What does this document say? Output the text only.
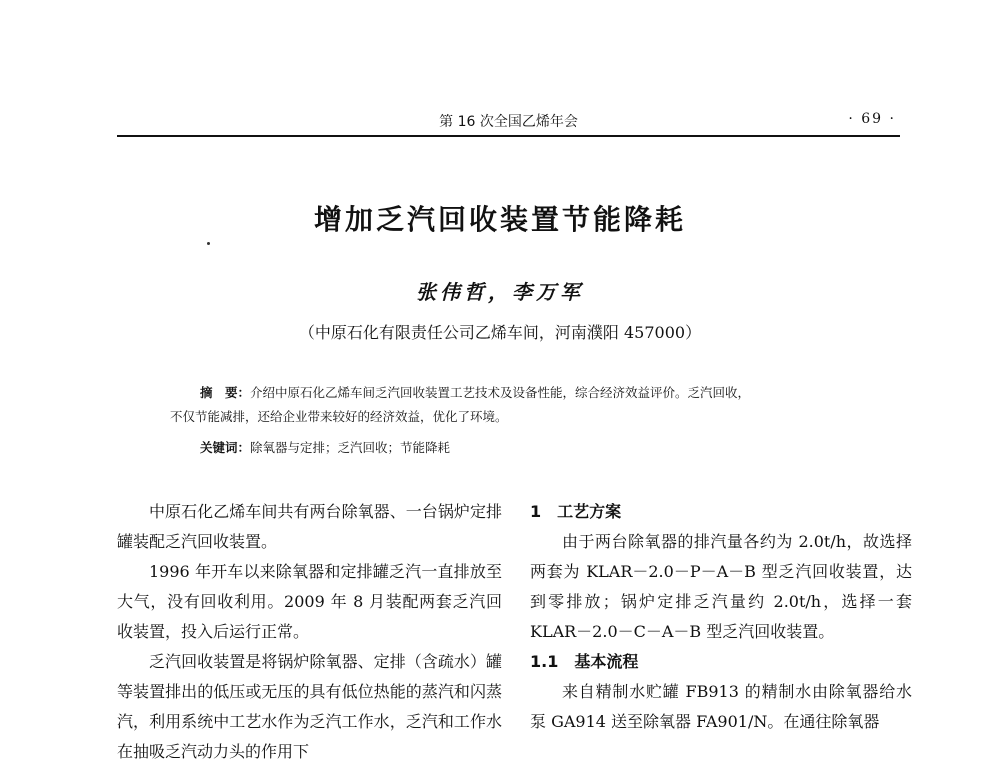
第 16 次全国乙烯年会	· 69 ·
增加乏汽回收装置节能降耗
张伟哲，李万军
（中原石化有限责任公司乙烯车间，河南濮阳 457000）
摘　要：介绍中原石化乙烯车间乏汽回收装置工艺技术及设备性能，综合经济效益评价。乏汽回收，
不仅节能减排，还给企业带来较好的经济效益，优化了环境。
关键词：除氧器与定排；乏汽回收；节能降耗

中原石化乙烯车间共有两台除氧器、一台锅炉定排罐装配乏汽回收装置。

1996 年开车以来除氧器和定排罐乏汽一直排放至大气，没有回收利用。2009 年 8 月装配两套乏汽回收装置，投入后运行正常。

乏汽回收装置是将锅炉除氧器、定排（含疏水）罐等装置排出的低压或无压的具有低位热能的蒸汽和闪蒸汽，利用系统中工艺水作为乏汽工作水，乏汽和工作水在抽吸乏汽动力头的作用下

1　工艺方案

由于两台除氧器的排汽量各约为 2.0t/h，故选择两套为 KLAR－2.0－P－A－B 型乏汽回收装置，达到零排放；锅炉定排乏汽量约 2.0t/h，选择一套 KLAR－2.0－C－A－B 型乏汽回收装置。

1.1　基本流程

来自精制水贮罐 FB913 的精制水由除氧器给水泵 GA914 送至除氧器 FA901/N。在通往除氧器
